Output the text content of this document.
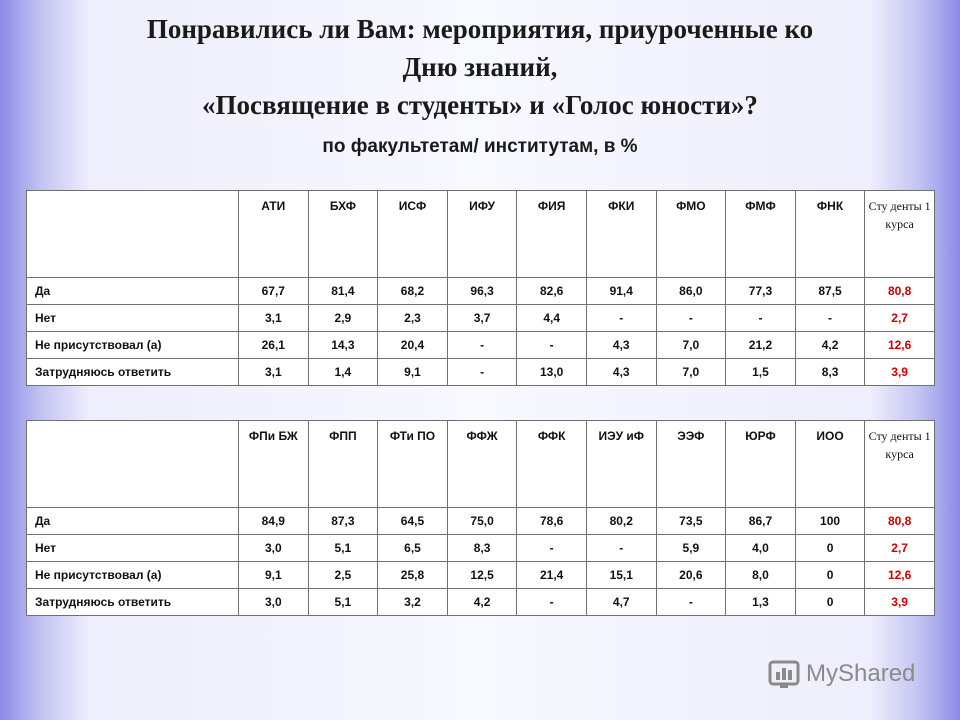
Понравились ли Вам: мероприятия, приуроченные ко
Дню знаний,
«Посвящение в студенты» и «Голос юности»?
по факультетам/ институтам, в %
	АТИ	БХФ	ИСФ	ИФУ	ФИЯ	ФКИ	ФМО	ФМФ	ФНК	Сту денты 1 курса
Да	67,7	81,4	68,2	96,3	82,6	91,4	86,0	77,3	87,5	80,8
Нет	3,1	2,9	2,3	3,7	4,4	-	-	-	-	2,7
Не присутствовал (а)	26,1	14,3	20,4	-	-	4,3	7,0	21,2	4,2	12,6
Затрудняюсь ответить	3,1	1,4	9,1	-	13,0	4,3	7,0	1,5	8,3	3,9
	ФПи БЖ	ФПП	ФТи ПО	ФФЖ	ФФК	ИЭУ иФ	ЭЭФ	ЮРФ	ИОО	Сту денты 1 курса
Да	84,9	87,3	64,5	75,0	78,6	80,2	73,5	86,7	100	80,8
Нет	3,0	5,1	6,5	8,3	-	-	5,9	4,0	0	2,7
Не присутствовал (а)	9,1	2,5	25,8	12,5	21,4	15,1	20,6	8,0	0	12,6
Затрудняюсь ответить	3,0	5,1	3,2	4,2	-	4,7	-	1,3	0	3,9
MyShared
